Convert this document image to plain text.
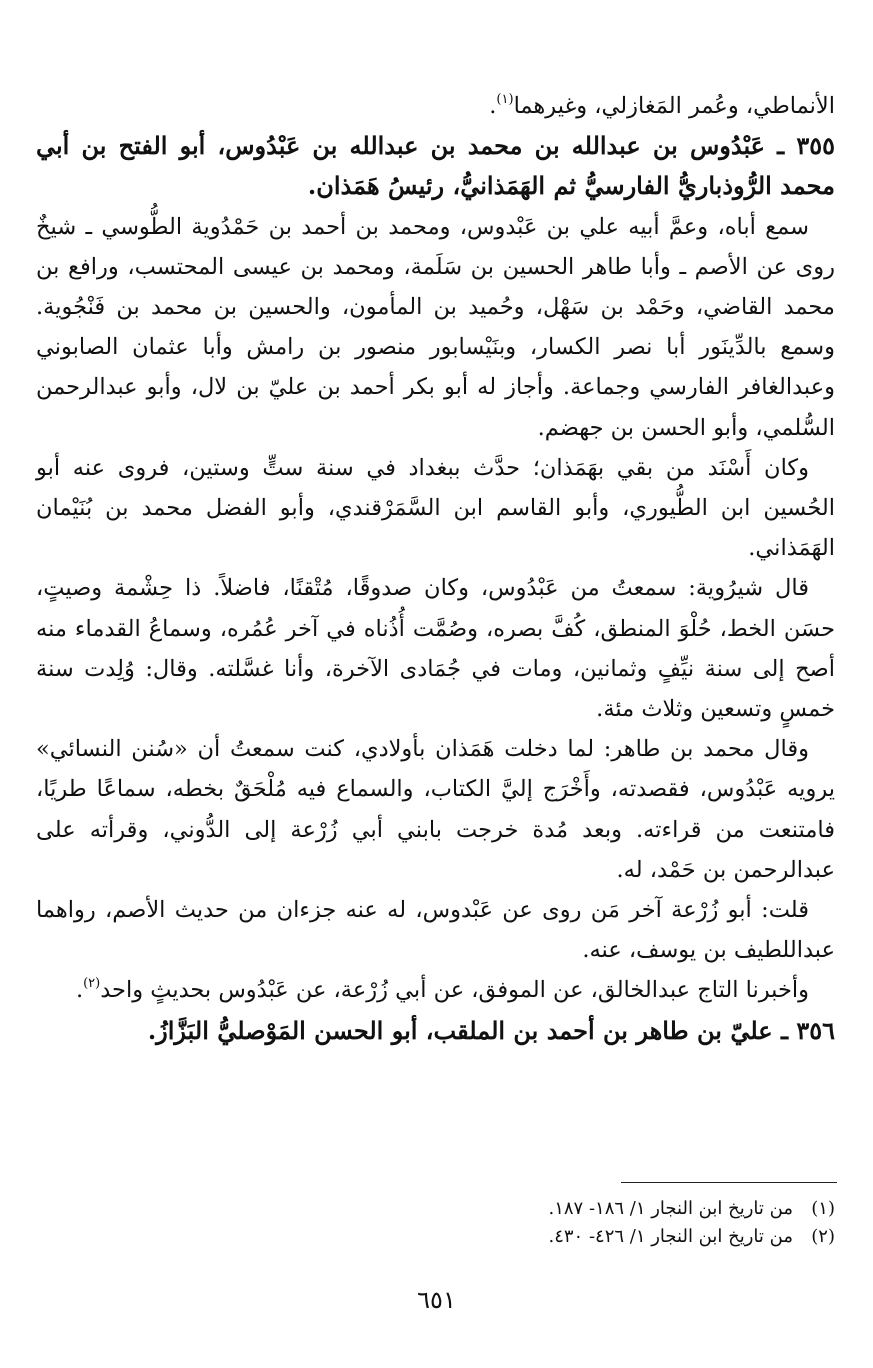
الأنماطي، وعُمر المَغازلي، وغيرهما$^{(١)}$.

٣٥٥ ـ عَبْدُوس بن عبدالله بن محمد بن عبدالله بن عَبْدُوس، أبو الفتح بن أبي محمد الرُّوذباريُّ الفارسيُّ ثم الهَمَذانيُّ، رئيسُ هَمَذان.

سمع أباه، وعمَّ أبيه علي بن عَبْدوس، ومحمد بن أحمد بن حَمْدُوية الطُّوسي ـ شيخٌ روى عن الأصم ـ وأبا طاهر الحسين بن سَلَمة، ومحمد بن عيسى المحتسب، ورافع بن محمد القاضي، وحَمْد بن سَهْل، وحُميد بن المأمون، والحسين بن محمد بن فَنْجُوية. وسمع بالدِّينَور أبا نصر الكسار، وبنَيْسابور منصور بن رامش وأبا عثمان الصابوني وعبدالغافر الفارسي وجماعة. وأجاز له أبو بكر أحمد بن عليّ بن لال، وأبو عبدالرحمن السُّلمي، وأبو الحسن بن جهضم.

وكان أَسْنَد من بقي بهَمَذان؛ حدَّث ببغداد في سنة ستٍّ وستين، فروى عنه أبو الحُسين ابن الطُّيوري، وأبو القاسم ابن السَّمَرْقندي، وأبو الفضل محمد بن بُنَيْمان الهَمَذاني.

قال شيرُوية: سمعتُ من عَبْدُوس، وكان صدوقًا، مُتْقنًا، فاضلاً. ذا حِشْمة وصيتٍ، حسَن الخط، حُلْوَ المنطق، كُفَّ بصره، وصُمَّت أُذُناه في آخر عُمُره، وسماعُ القدماء منه أصح إلى سنة نيِّفٍ وثمانين، ومات في جُمَادى الآخرة، وأنا غسَّلته. وقال: وُلِدت سنة خمسٍ وتسعين وثلاث مئة.

وقال محمد بن طاهر: لما دخلت هَمَذان بأولادي، كنت سمعتُ أن «سُنن النسائي» يرويه عَبْدُوس، فقصدته، وأَخْرَج إليَّ الكتاب، والسماع فيه مُلْحَقٌ بخطه، سماعًا طريًا، فامتنعت من قراءته. وبعد مُدة خرجت بابني أبي زُرْعة إلى الدُّوني، وقرأته على عبدالرحمن بن حَمْد، له.

قلت: أبو زُرْعة آخر مَن روى عن عَبْدوس، له عنه جزءان من حديث الأصم، رواهما عبداللطيف بن يوسف، عنه.

وأخبرنا التاج عبدالخالق، عن الموفق، عن أبي زُرْعة، عن عَبْدُوس بحديثٍ واحد$^{(٢)}$.

٣٥٦ ـ عليّ بن طاهر بن أحمد بن الملقب، أبو الحسن المَوْصليُّ البَزَّازُ.

(١)
من تاريخ ابن النجار ١/ ١٨٦- ١٨٧.
(٢)
من تاريخ ابن النجار ١/ ٤٢٦- ٤٣٠.
٦٥١
